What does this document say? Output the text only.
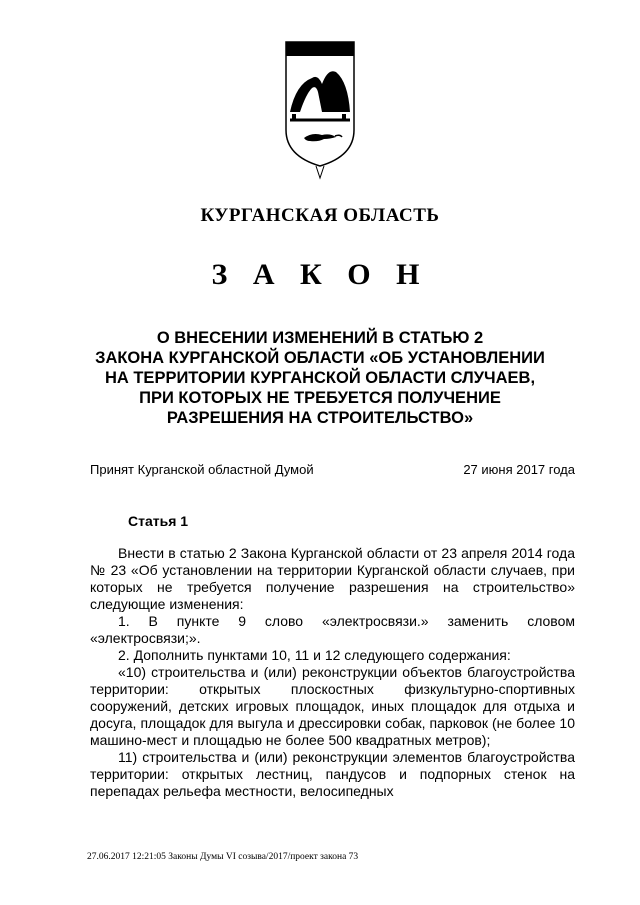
КУРГАНСКАЯ ОБЛАСТЬ
З А К О Н
О ВНЕСЕНИИ ИЗМЕНЕНИЙ В СТАТЬЮ 2
ЗАКОНА КУРГАНСКОЙ ОБЛАСТИ «ОБ УСТАНОВЛЕНИИ
НА ТЕРРИТОРИИ КУРГАНСКОЙ ОБЛАСТИ СЛУЧАЕВ,
ПРИ КОТОРЫХ НЕ ТРЕБУЕТСЯ ПОЛУЧЕНИЕ
РАЗРЕШЕНИЯ НА СТРОИТЕЛЬСТВО»
Принят Курганской областной Думой	27 июня 2017 года
Статья 1

Внести в статью 2 Закона Курганской области от 23 апреля 2014 года № 23 «Об установлении на территории Курганской области случаев, при которых не требуется получение разрешения на строительство» следующие изменения:

1. В пункте 9 слово «электросвязи.» заменить словом «электросвязи;».

2. Дополнить пунктами 10, 11 и 12 следующего содержания:

«10) строительства и (или) реконструкции объектов благоустройства территории: открытых плоскостных физкультурно-спортивных сооружений, детских игровых площадок, иных площадок для отдыха и досуга, площадок для выгула и дрессировки собак, парковок (не более 10 машино-мест и площадью не более 500 квадратных метров);

11) строительства и (или) реконструкции элементов благоустройства территории: открытых лестниц, пандусов и подпорных стенок на перепадах рельефа местности, велосипедных

27.06.2017 12:21:05 Законы Думы VI созыва/2017/проект закона 73
